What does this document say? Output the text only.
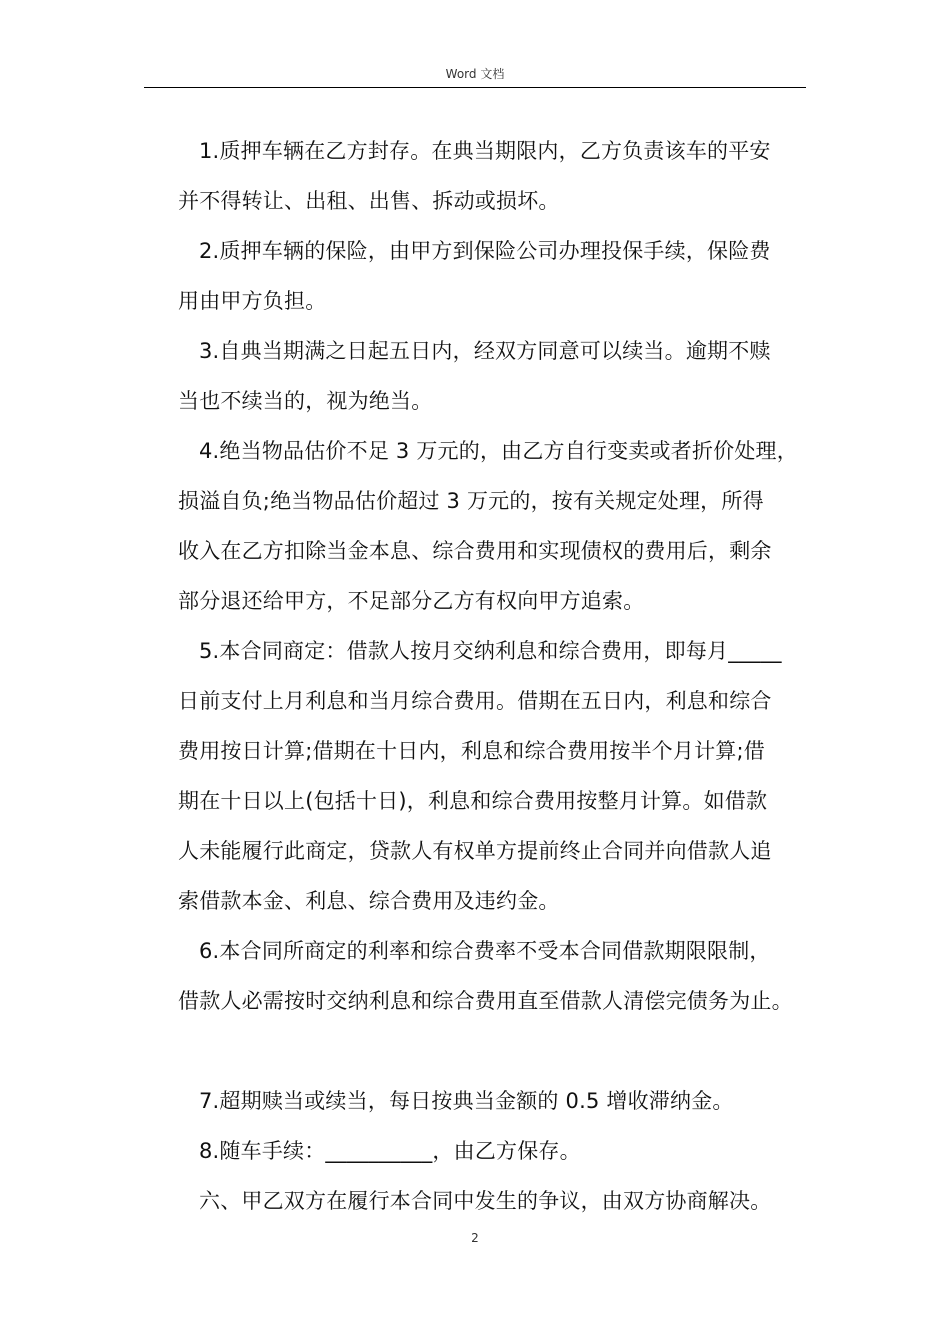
Word 文档
1.质押车辆在乙方封存。在典当期限内，乙方负责该车的平安
并不得转让、出租、出售、拆动或损坏。
2.质押车辆的保险，由甲方到保险公司办理投保手续，保险费
用由甲方负担。
3.自典当期满之日起五日内，经双方同意可以续当。逾期不赎
当也不续当的，视为绝当。
4.绝当物品估价不足 3 万元的，由乙方自行变卖或者折价处理，
损溢自负;绝当物品估价超过 3 万元的，按有关规定处理，所得
收入在乙方扣除当金本息、综合费用和实现债权的费用后，剩余
部分退还给甲方，不足部分乙方有权向甲方追索。
5.本合同商定：借款人按月交纳利息和综合费用，即每月_____
日前支付上月利息和当月综合费用。借期在五日内，利息和综合
费用按日计算;借期在十日内，利息和综合费用按半个月计算;借
期在十日以上(包括十日)，利息和综合费用按整月计算。如借款
人未能履行此商定，贷款人有权单方提前终止合同并向借款人追
索借款本金、利息、综合费用及违约金。
6.本合同所商定的利率和综合费率不受本合同借款期限限制，
借款人必需按时交纳利息和综合费用直至借款人清偿完债务为止。
7.超期赎当或续当，每日按典当金额的 0.5 增收滞纳金。
8.随车手续：__________，由乙方保存。
六、甲乙双方在履行本合同中发生的争议，由双方协商解决。
2
